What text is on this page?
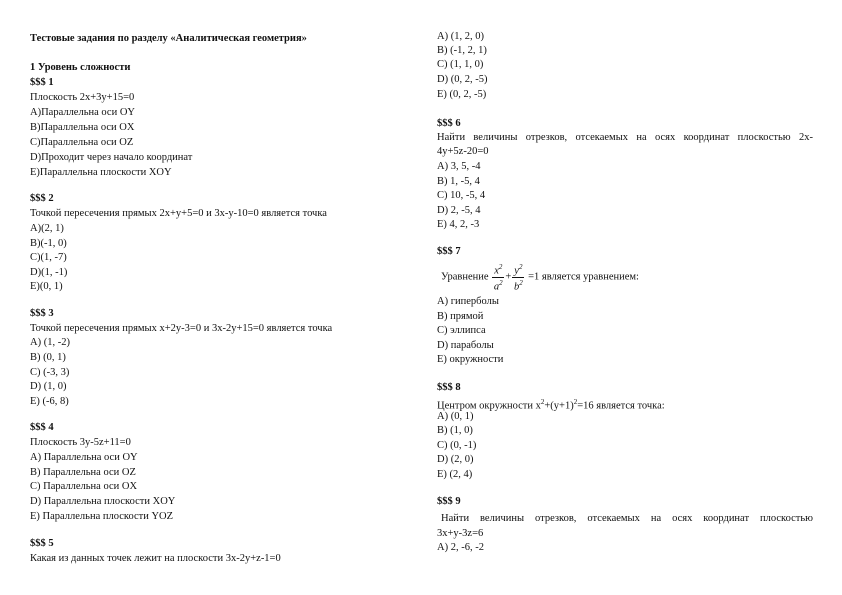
Тестовые задания по разделу «Аналитическая геометрия»
1 Уровень сложности
$$$ 1
Плоскость 2x+3y+15=0
A)Параллельна оси OY
B)Параллельна оси OX
C)Параллельна оси OZ
D)Проходит через начало координат
E)Параллельна плоскости XOY
$$$ 2
Точкой пересечения прямых 2x+y+5=0 и 3x-y-10=0 является точка
A)(2, 1)
B)(-1, 0)
C)(1, -7)
D)(1, -1)
E)(0, 1)
$$$ 3
Точкой пересечения прямых x+2y-3=0 и 3x-2y+15=0 является точка
A) (1, -2)
B) (0, 1)
C) (-3, 3)
D) (1, 0)
E) (-6, 8)
$$$ 4
Плоскость 3y-5z+11=0
A) Параллельна оси OY
B) Параллельна оси OZ
C) Параллельна оси OX
D) Параллельна плоскости XOY
E) Параллельна плоскости YOZ
$$$ 5
Какая из данных точек лежит на плоскости 3x-2y+z-1=0
A) (1, 2, 0)
B) (-1, 2, 1)
C) (1, 1, 0)
D) (0, 2, -5)
E) (0, 2, -5)
$$$ 6
Найти величины отрезков, отсекаемых на осях координат плоскостью 2x-
4y+5z-20=0
A) 3, 5, -4
B) 1, -5, 4
C) 10, -5, 4
D) 2, -5, 4
E) 4, 2, -3
$$$ 7
Уравнение $\frac{x^2}{a^2} + \frac{y^2}{b^2} =1$ является уравнением:
A) гиперболы
B) прямой
C) эллипса
D) параболы
E) окружности
$$$ 8
Центром окружности $x^2+(y+1)^2=16$ является точка:
A) (0, 1)
B) (1, 0)
C) (0, -1)
D) (2, 0)
E) (2, 4)
$$$ 9
Найти величины отрезков, отсекаемых на осях координат плоскостью
3x+y-3z=6
A) 2, -6, -2
